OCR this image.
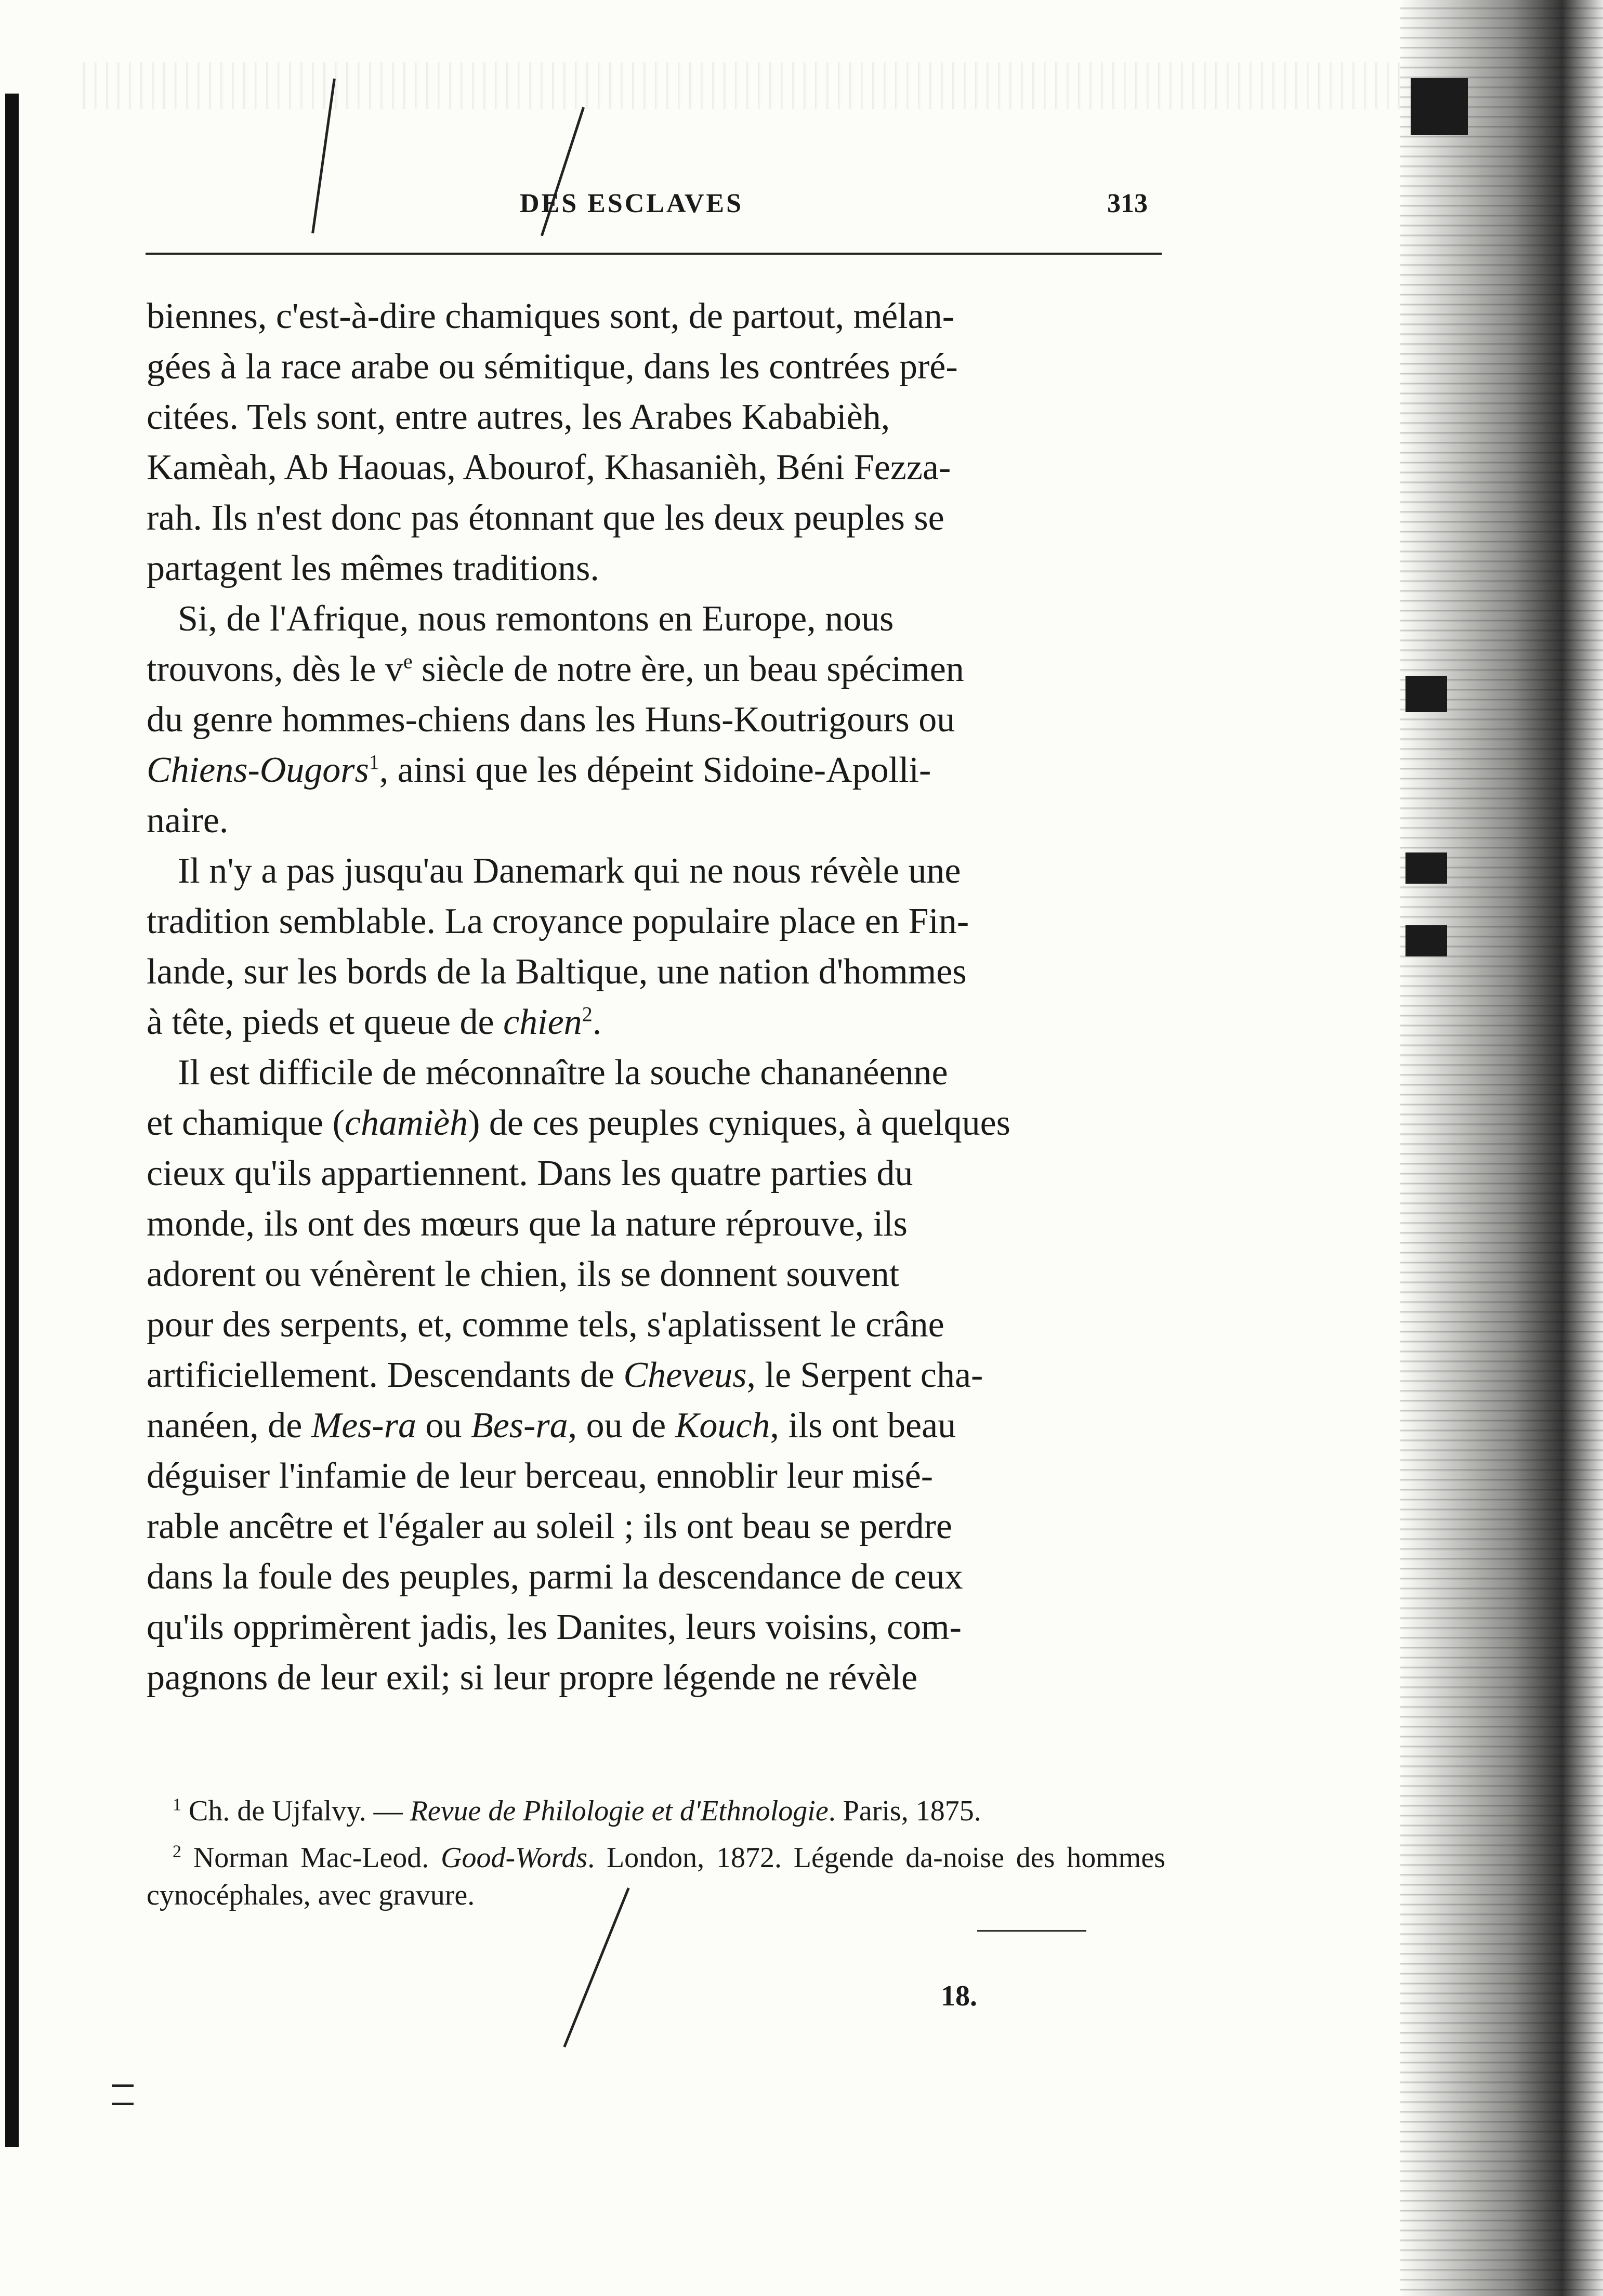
DES ESCLAVES	313

biennes, c'est-à-dire chamiques sont, de partout, mélan-
gées à la race arabe ou sémitique, dans les contrées pré-
citées. Tels sont, entre autres, les Arabes Kababièh,
Kamèah, Ab Haouas, Abourof, Khasanièh, Béni Fezza-
rah. Ils n'est donc pas étonnant que les deux peuples se
partagent les mêmes traditions.

Si, de l'Afrique, nous remontons en Europe, nous
trouvons, dès le $v^e$ siècle de notre ère, un beau spécimen
du genre hommes-chiens dans les Huns-Koutrigours ou
Chiens-Ougors$^1$, ainsi que les dépeint Sidoine-Apolli-
naire.

Il n'y a pas jusqu'au Danemark qui ne nous révèle une
tradition semblable. La croyance populaire place en Fin-
lande, sur les bords de la Baltique, une nation d'hommes
à tête, pieds et queue de chien$^2$.

Il est difficile de méconnaître la souche chananéenne
et chamique (chamièh) de ces peuples cyniques, à quelques
cieux qu'ils appartiennent. Dans les quatre parties du
monde, ils ont des mœurs que la nature réprouve, ils
adorent ou vénèrent le chien, ils se donnent souvent
pour des serpents, et, comme tels, s'aplatissent le crâne
artificiellement. Descendants de Cheveus, le Serpent cha-
nanéen, de Mes-ra ou Bes-ra, ou de Kouch, ils ont beau
déguiser l'infamie de leur berceau, ennoblir leur misé-
rable ancêtre et l'égaler au soleil ; ils ont beau se perdre
dans la foule des peuples, parmi la descendance de ceux
qu'ils opprimèrent jadis, les Danites, leurs voisins, com-
pagnons de leur exil; si leur propre légende ne révèle

$^1$ Ch. de Ujfalvy. — Revue de Philologie et d'Ethnologie. Paris, 1875.

$^2$ Norman Mac-Leod. Good-Words. London, 1872. Légende da-noise des hommes cynocéphales, avec gravure.

18.
